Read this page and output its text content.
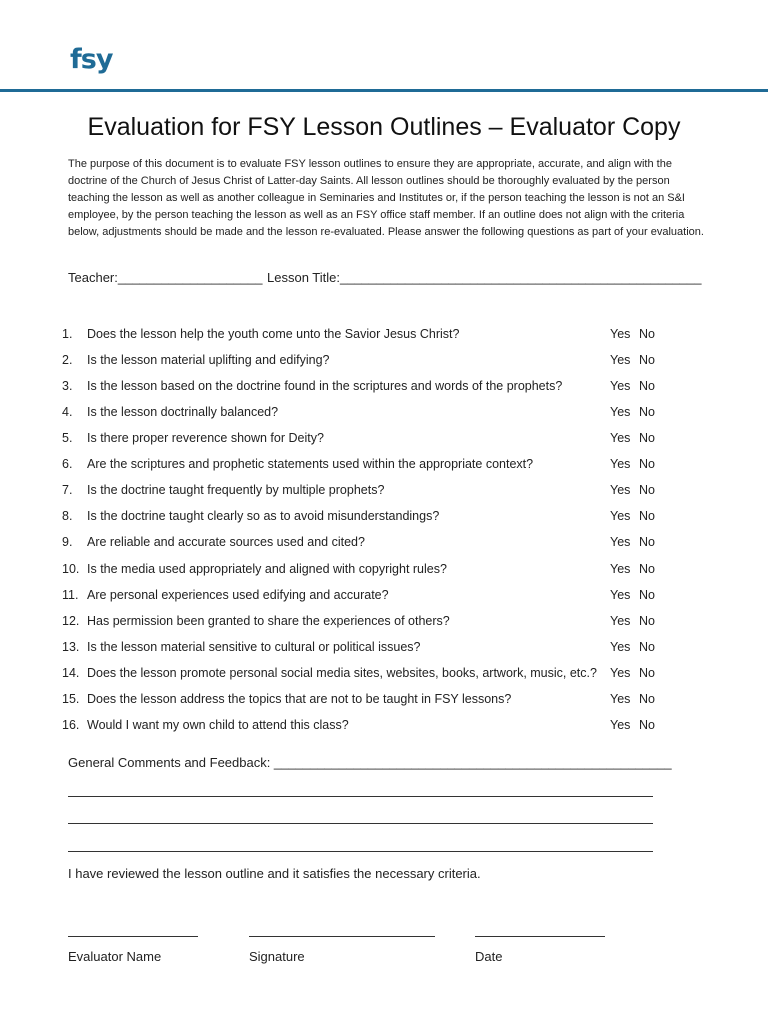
fsy
Evaluation for FSY Lesson Outlines – Evaluator Copy
The purpose of this document is to evaluate FSY lesson outlines to ensure they are appropriate, accurate, and align with the doctrine of the Church of Jesus Christ of Latter-day Saints. All lesson outlines should be thoroughly evaluated by the person teaching the lesson as well as another colleague in Seminaries and Institutes or, if the person teaching the lesson is not an S&I employee, by the person teaching the lesson as well as an FSY office staff member. If an outline does not align with the criteria below, adjustments should be made and the lesson re-evaluated. Please answer the following questions as part of your evaluation.
Teacher:____________________ Lesson Title:__________________________________________________
1.	Does the lesson help the youth come unto the Savior Jesus Christ?	Yes No
2.	Is the lesson material uplifting and edifying?	Yes No
3.	Is the lesson based on the doctrine found in the scriptures and words of the prophets?	Yes No
4.	Is the lesson doctrinally balanced?	Yes No
5.	Is there proper reverence shown for Deity?	Yes No
6.	Are the scriptures and prophetic statements used within the appropriate context?	Yes No
7.	Is the doctrine taught frequently by multiple prophets?	Yes No
8.	Is the doctrine taught clearly so as to avoid misunderstandings?	Yes No
9.	Are reliable and accurate sources used and cited?	Yes No
10. Is the media used appropriately and aligned with copyright rules?	Yes No
11. Are personal experiences used edifying and accurate?	Yes No
12. Has permission been granted to share the experiences of others?	Yes No
13. Is the lesson material sensitive to cultural or political issues?	Yes No
14. Does the lesson promote personal social media sites, websites, books, artwork, music, etc.? Yes No
15. Does the lesson address the topics that are not to be taught in FSY lessons?	Yes No
16. Would I want my own child to attend this class?	Yes No
General Comments and Feedback: _______________________________________________________
I have reviewed the lesson outline and it satisfies the necessary criteria.
Evaluator Name	Signature	Date
